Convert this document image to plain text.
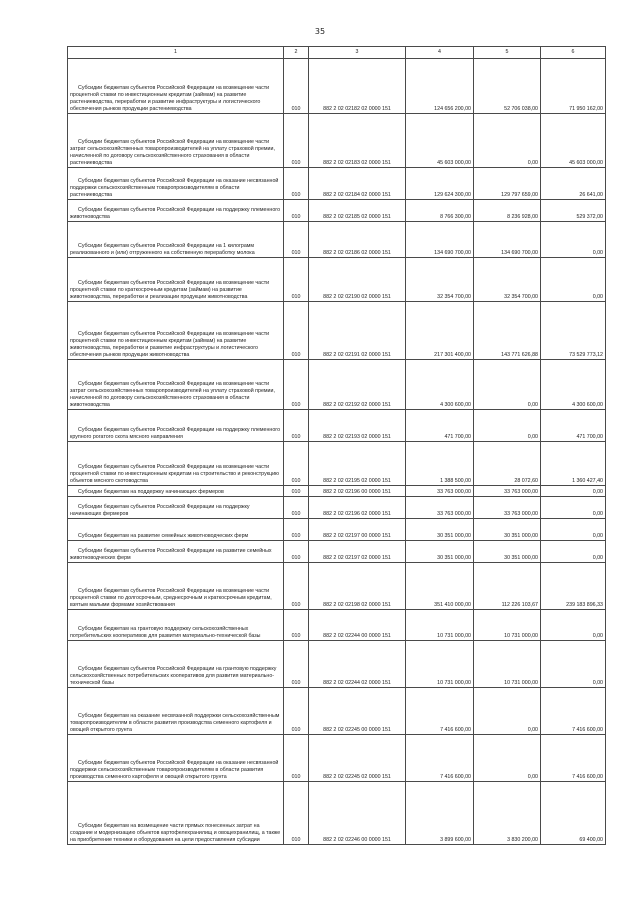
35
1	2	3	4	5	6
Субсидии бюджетам субъектов Российской Федерации на возмещение части процентной ставки по инвестиционным кредитам (займам) на развитие растениеводства, переработки и развитие инфраструктуры и логистического обеспечения рынков продукции растениеводства	010	882 2 02 02182 02 0000 151	124 656 200,00	52 706 038,00	71 950 162,00
Субсидии бюджетам субъектов Российской Федерации на возмещение части затрат сельскохозяйственных товаропроизводителей на уплату страховой премии, начисленной по договору сельскохозяйственного страхования в области растениеводства	010	882 2 02 02183 02 0000 151	45 603 000,00	0,00	45 603 000,00
Субсидии бюджетам субъектов Российской Федерации на оказание несвязанной поддержки сельскохозяйственным товаропроизводителям в области растениеводства	010	882 2 02 02184 02 0000 151	129 624 300,00	129 797 659,00	26 641,00
Субсидии бюджетам субъектов Российской Федерации на поддержку племенного животноводства	010	882 2 02 02185 02 0000 151	8 766 300,00	8 236 928,00	529 372,00
Субсидии бюджетам субъектов Российской Федерации на 1 килограмм реализованного и (или) отгруженного на собственную переработку молока	010	882 2 02 02186 02 0000 151	134 690 700,00	134 690 700,00	0,00
Субсидии бюджетам субъектов Российской Федерации на возмещение части процентной ставки по краткосрочным кредитам (займам) на развитие животноводства, переработки и реализации продукции животноводства	010	882 2 02 02190 02 0000 151	32 354 700,00	32 354 700,00	0,00
Субсидии бюджетам субъектов Российской Федерации на возмещение части процентной ставки по инвестиционным кредитам (займам) на развитие животноводства, переработки и развитие инфраструктуры и логистического обеспечения рынков продукции животноводства	010	882 2 02 02191 02 0000 151	217 301 400,00	143 771 626,88	73 529 773,12
Субсидии бюджетам субъектов Российской Федерации на возмещение части затрат сельскохозяйственных товаропроизводителей на уплату страховой премии, начисленной по договору сельскохозяйственного страхования в области животноводства	010	882 2 02 02192 02 0000 151	4 300 600,00	0,00	4 300 600,00
Субсидии бюджетам субъектов Российской Федерации на поддержку племенного крупного рогатого скота мясного направления	010	882 2 02 02193 02 0000 151	471 700,00	0,00	471 700,00
Субсидии бюджетам субъектов Российской Федерации на возмещение части процентной ставки по инвестиционным кредитам на строительство и реконструкцию объектов мясного скотоводства	010	882 2 02 02195 02 0000 151	1 388 500,00	28 072,60	1 360 427,40
Субсидии бюджетам на поддержку начинающих фермеров	010	882 2 02 02196 00 0000 151	33 763 000,00	33 763 000,00	0,00
Субсидии бюджетам субъектов Российской Федерации на поддержку начинающих фермеров	010	882 2 02 02196 02 0000 151	33 763 000,00	33 763 000,00	0,00
Субсидии бюджетам на развитие семейных животноводческих ферм	010	882 2 02 02197 00 0000 151	30 351 000,00	30 351 000,00	0,00
Субсидии бюджетам субъектов Российской Федерации на развитие семейных животноводческих ферм	010	882 2 02 02197 02 0000 151	30 351 000,00	30 351 000,00	0,00
Субсидии бюджетам субъектов Российской Федерации на возмещение части процентной ставки по долгосрочным, среднесрочным и краткосрочным кредитам, взятым малыми формами хозяйствования	010	882 2 02 02198 02 0000 151	351 410 000,00	112 226 103,67	239 183 896,33
Субсидии бюджетам на грантовую поддержку сельскохозяйственных потребительских кооперативов для развития материально-технической базы	010	882 2 02 02244 00 0000 151	10 731 000,00	10 731 000,00	0,00
Субсидии бюджетам субъектов Российской Федерации на грантовую поддержку сельскохозяйственных потребительских кооперативов для развития материально-технической базы	010	882 2 02 02244 02 0000 151	10 731 000,00	10 731 000,00	0,00
Субсидии бюджетам на оказание несвязанной поддержки сельскохозяйственным товаропроизводителям в области развития производства семенного картофеля и овощей открытого грунта	010	882 2 02 02245 00 0000 151	7 416 600,00	0,00	7 416 600,00
Субсидии бюджетам субъектов Российской Федерации на оказание несвязанной поддержки сельскохозяйственным товаропроизводителям в области развития производства семенного картофеля и овощей открытого грунта	010	882 2 02 02245 02 0000 151	7 416 600,00	0,00	7 416 600,00
Субсидии бюджетам на возмещение части прямых понесенных затрат на создание и модернизацию объектов картофелехранилищ и овощехранилищ, а также на приобретение техники и оборудования на цели предоставления субсидии	010	882 2 02 02246 00 0000 151	3 899 600,00	3 830 200,00	69 400,00
